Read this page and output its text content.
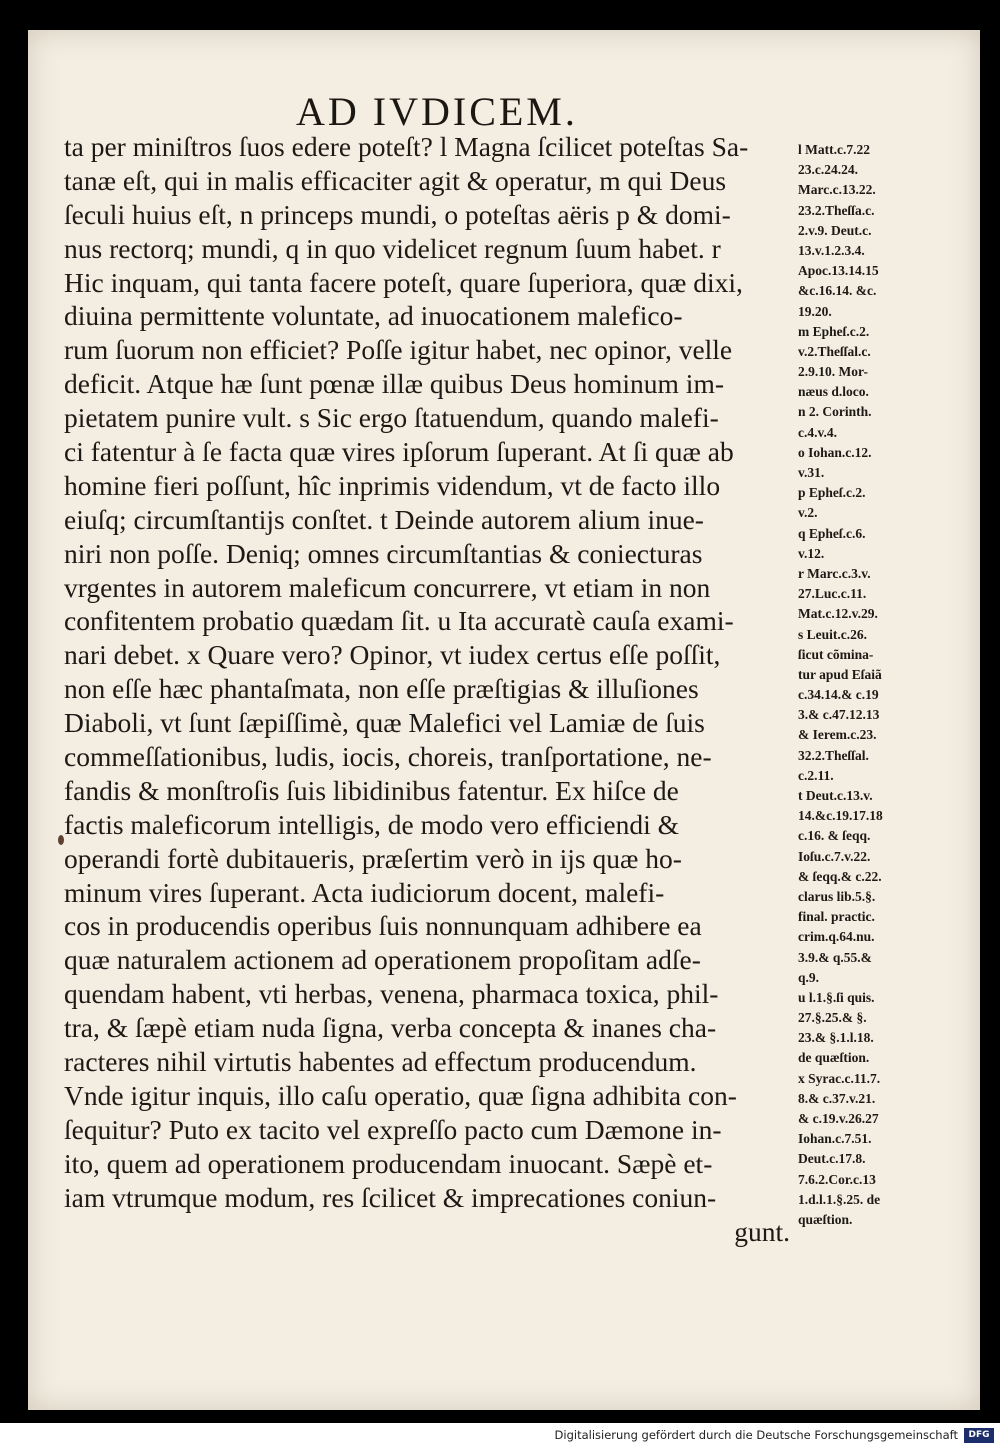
AD IVDICEM.
ta per miniſtros ſuos edere poteſt? l Magna ſcilicet poteſtas Sa-
tanæ eſt, qui in malis efficaciter agit & operatur, m qui Deus
ſeculi huius eſt, n princeps mundi, o poteſtas aëris p & domi-
nus rectorq; mundi, q in quo videlicet regnum ſuum habet. r
Hic inquam, qui tanta facere poteſt, quare ſuperiora, quæ dixi,
diuina permittente voluntate, ad inuocationem malefico-
rum ſuorum non efficiet? Poſſe igitur habet, nec opinor, velle
deficit. Atque hæ ſunt pœnæ illæ quibus Deus hominum im-
pietatem punire vult. s Sic ergo ſtatuendum, quando malefi-
ci fatentur à ſe facta quæ vires ipſorum ſuperant. At ſi quæ ab
homine fieri poſſunt, hîc inprimis videndum, vt de facto illo
eiuſq; circumſtantijs conſtet. t Deinde autorem alium inue-
niri non poſſe. Deniq; omnes circumſtantias & coniecturas
vrgentes in autorem maleficum concurrere, vt etiam in non
confitentem probatio quædam ſit. u Ita accuratè cauſa exami-
nari debet. x Quare vero? Opinor, vt iudex certus eſſe poſſit,
non eſſe hæc phantaſmata, non eſſe præſtigias & illuſiones
Diaboli, vt ſunt ſæpiſſimè, quæ Malefici vel Lamiæ de ſuis
commeſſationibus, ludis, iocis, choreis, tranſportatione, ne-
fandis & monſtroſis ſuis libidinibus fatentur. Ex hiſce de
factis maleficorum intelligis, de modo vero efficiendi &
operandi fortè dubitaueris, præſertim verò in ijs quæ ho-
minum vires ſuperant. Acta iudiciorum docent, malefi-
cos in producendis operibus ſuis nonnunquam adhibere ea
quæ naturalem actionem ad operationem propoſitam adſe-
quendam habent, vti herbas, venena, pharmaca toxica, phil-
tra, & ſæpè etiam nuda ſigna, verba concepta & inanes cha-
racteres nihil virtutis habentes ad effectum producendum.
Vnde igitur inquis, illo caſu operatio, quæ ſigna adhibita con-
ſequitur? Puto ex tacito vel expreſſo pacto cum Dæmone in-
ito, quem ad operationem producendam inuocant. Sæpè et-
iam vtrumque modum, res ſcilicet & imprecationes coniun-
gunt.
l Matt.c.7.22
23.c.24.24.
Marc.c.13.22.
23.2.Theſſa.c.
2.v.9. Deut.c.
13.v.1.2.3.4.
Apoc.13.14.15
&c.16.14. &c.
19.20.
m Epheſ.c.2.
v.2.Theſſal.c.
2.9.10. Mor-
næus d.loco.
n 2. Corinth.
c.4.v.4.
o Iohan.c.12.
v.31.
p Epheſ.c.2.
v.2.
q Epheſ.c.6.
v.12.
r Marc.c.3.v.
27.Luc.c.11.
Mat.c.12.v.29.
s Leuit.c.26.
ſicut cõmina-
tur apud Eſaiã
c.34.14.& c.19
3.& c.47.12.13
& Ierem.c.23.
32.2.Theſſal.
c.2.11.
t Deut.c.13.v.
14.&c.19.17.18
c.16. & ſeqq.
Ioſu.c.7.v.22.
& ſeqq.& c.22.
clarus lib.5.§.
final. practic.
crim.q.64.nu.
3.9.& q.55.&
q.9.
u l.1.§.ſi quis.
27.§.25.& §.
23.& §.1.l.18.
de quæſtion.
x Syrac.c.11.7.
8.& c.37.v.21.
& c.19.v.26.27
Iohan.c.7.51.
Deut.c.17.8.
7.6.2.Cor.c.13
1.d.l.1.§.25. de
quæſtion.
Digitalisierung gefördert durch die Deutsche Forschungsgemeinschaft	DFG
